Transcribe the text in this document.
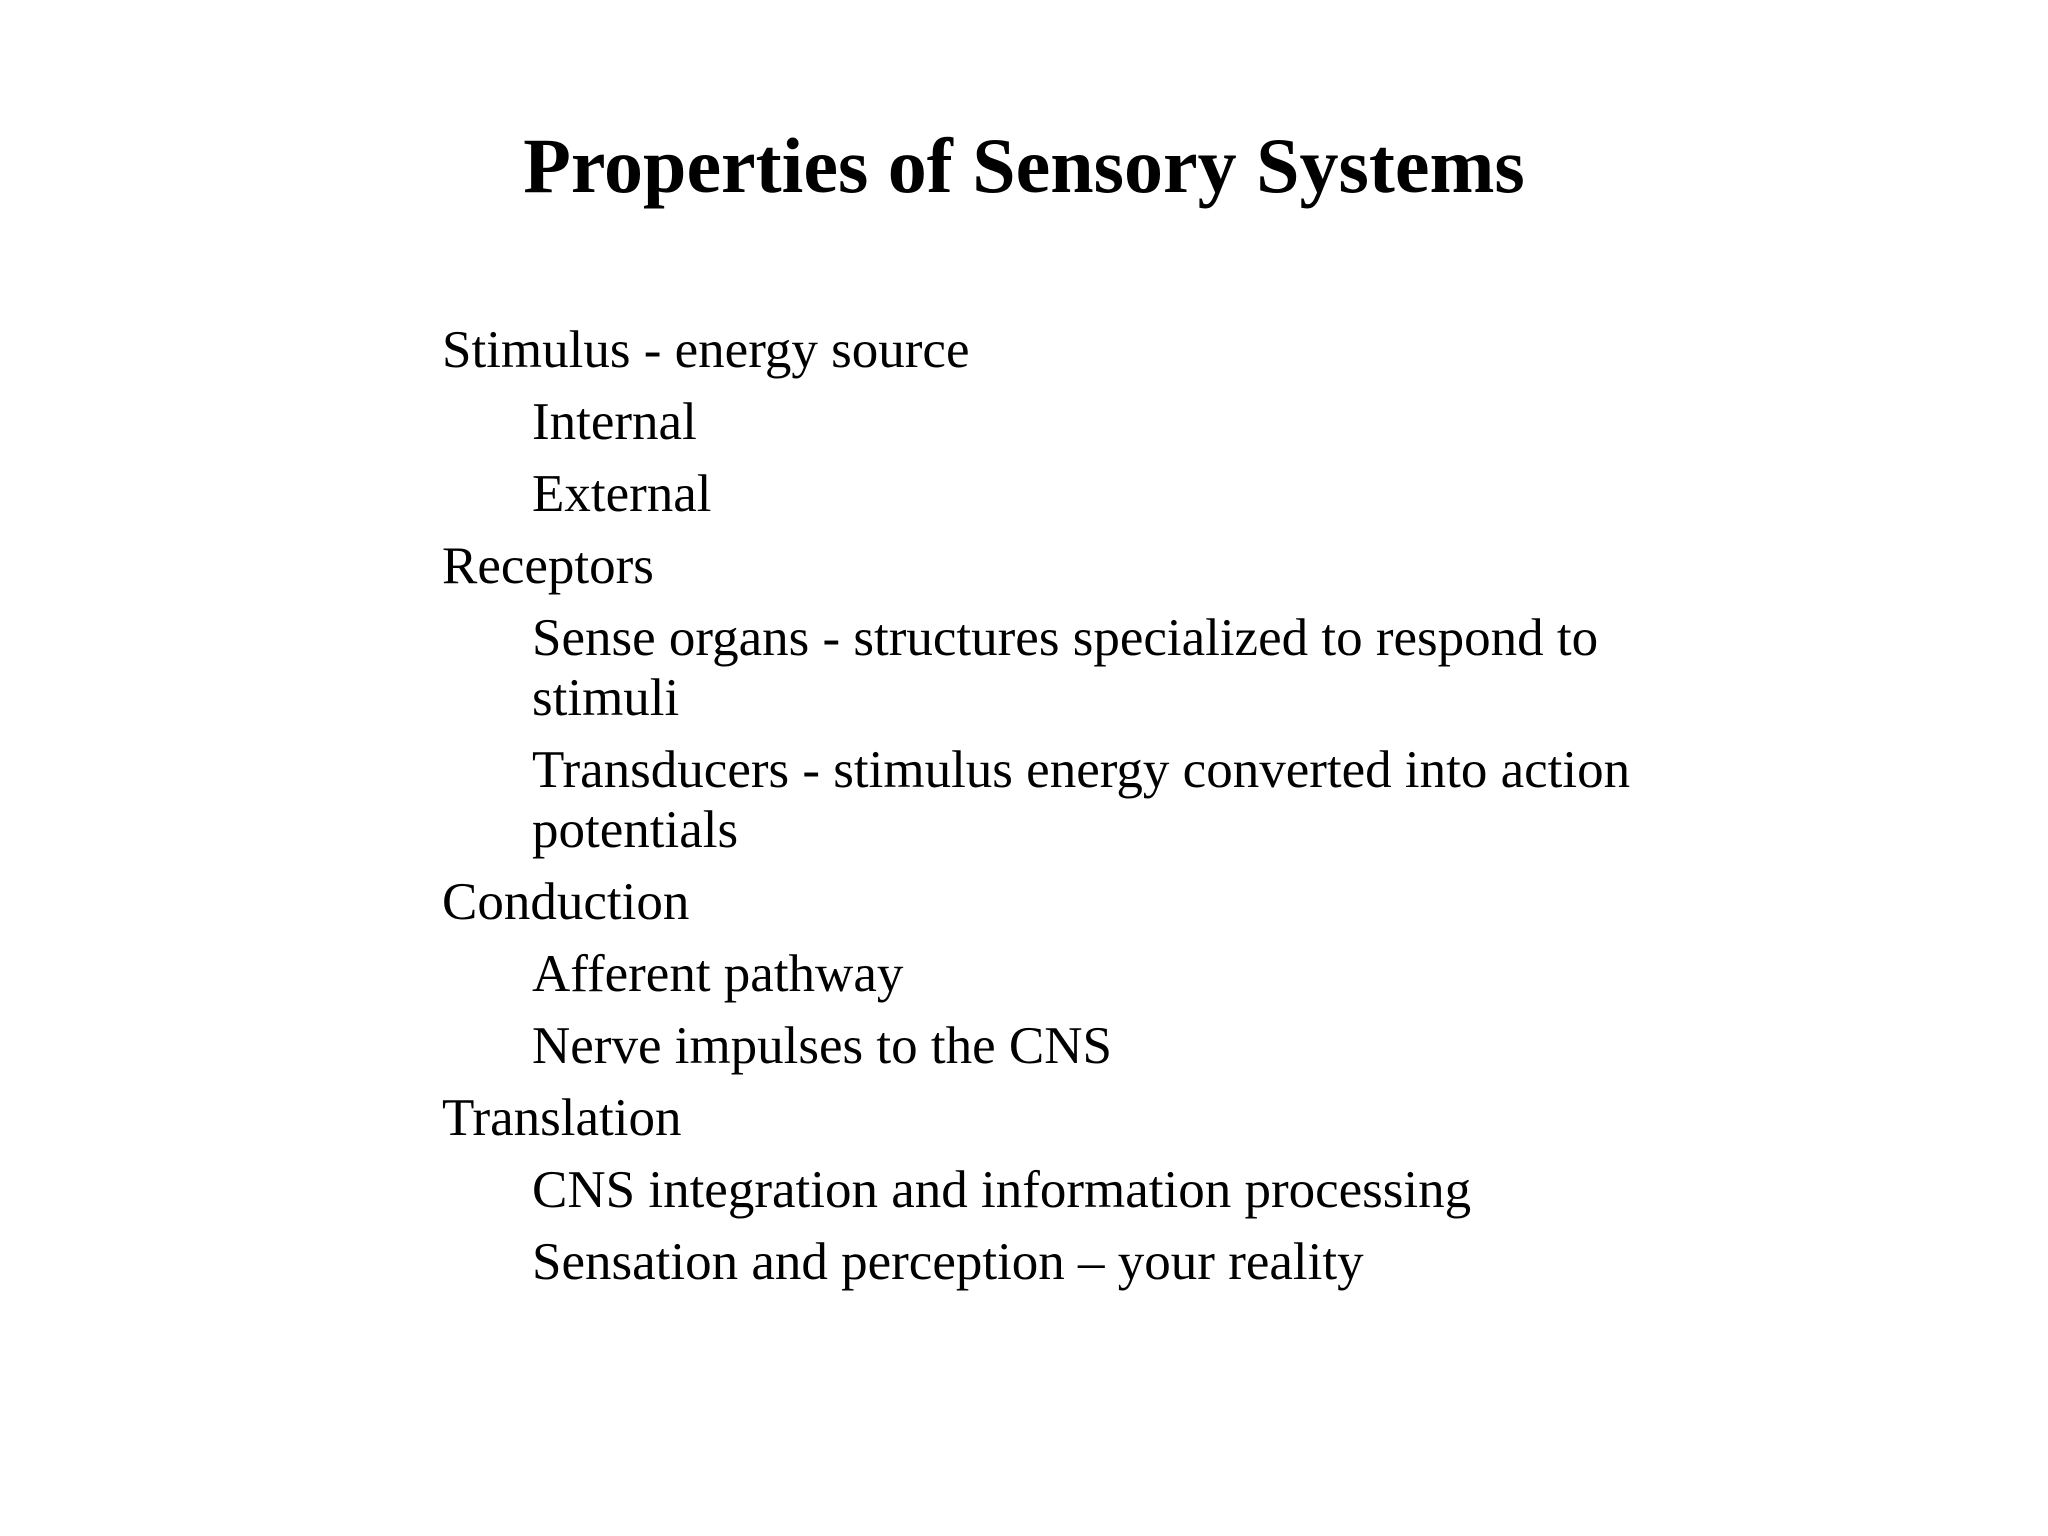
Properties of Sensory Systems
Stimulus - energy source
Internal
External
Receptors
Sense organs - structures specialized to respond to stimuli
Transducers - stimulus energy converted into action potentials
Conduction
Afferent pathway
Nerve impulses to the CNS
Translation
CNS integration and information processing
Sensation and perception – your reality
